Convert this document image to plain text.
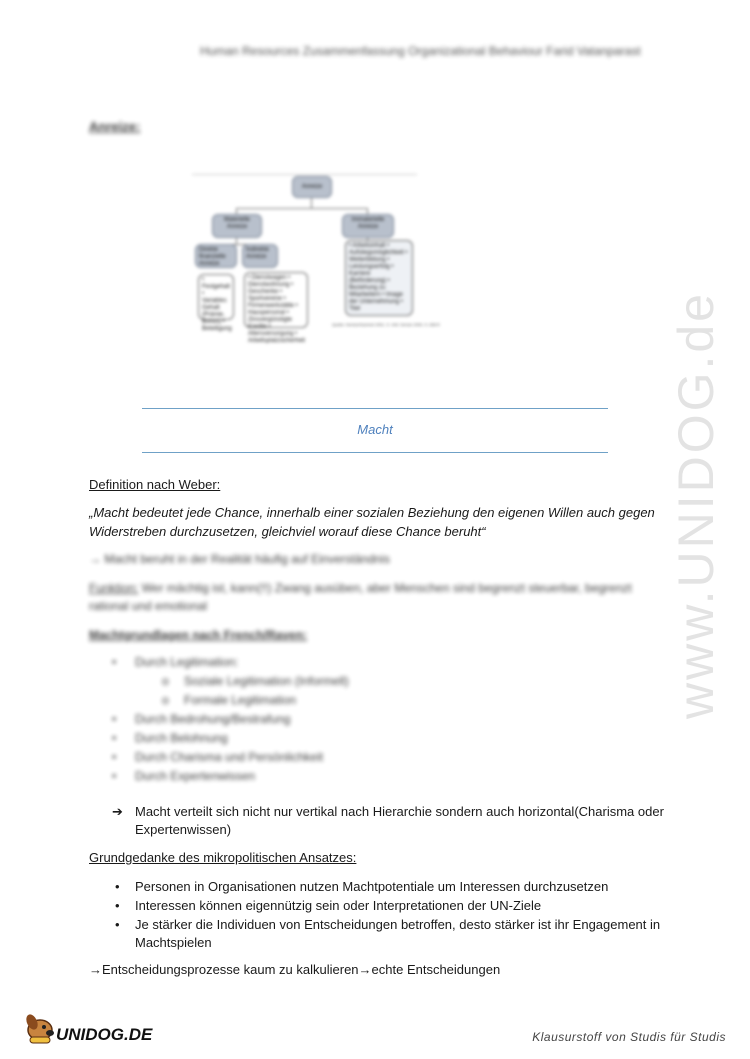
Human Resources Zusammenfassung Organizational Behaviour Farid Vatanparast
Anreize:
Anreize
Materielle Anreize
Immaterielle Anreize
Direkte finanzielle Anreize
Indirekte Anreize
• Arbeitsinhalt • Aufstiegsmöglichkeit • Weiterbildung • Leistungserfolg • Karriere (Beförderung) • Beziehung zu Mitarbeitern • Image der Unternehmung • Titel
• Festgehalt • Variables Gehalt (Prämie, Bonus) • Beteiligung
• Dienstwagen • Dienstwohnung • Geschenke • Sportvereine • Firmenwerkstätte • Hauspersonal • Zinsvergünstigte Kredite • Altersversorgung • Arbeitsplatzsicherheit
Quelle: Hentze/Kammel 2001, S. 434; Scholz 2000, S. 838 ff.	www.UNIDOG.de
Macht
Definition nach Weber:
„Macht bedeutet jede Chance, innerhalb einer sozialen Beziehung den eigenen Willen auch gegen Widerstreben durchzusetzen, gleichviel worauf diese Chance beruht“
→ Macht beruht in der Realität häufig auf Einverständnis
Funktion: Wer mächtig ist, kann(!!) Zwang ausüben, aber Menschen sind begrenzt steuerbar, begrenzt rational und emotional
Machtgrundlagen nach French/Raven:
• Durch Legitimation:
o Soziale Legitimation (Informell)
o Formale Legitimation
• Durch Bedrohung/Bestrafung
• Durch Belohnung
• Durch Charisma und Persönlichkeit
• Durch Expertenwissen
➔ Macht verteilt sich nicht nur vertikal nach Hierarchie sondern auch horizontal(Charisma oder Expertenwissen)
Grundgedanke des mikropolitischen Ansatzes:
• Personen in Organisationen nutzen Machtpotentiale um Interessen durchzusetzen
• Interessen können eigennützig sein oder Interpretationen der UN-Ziele
• Je stärker die Individuen von Entscheidungen betroffen, desto stärker ist ihr Engagement in Machtspielen
→Entscheidungsprozesse kaum zu kalkulieren→echte Entscheidungen
UNIDOG.DE	Klausurstoff von Studis für Studis
